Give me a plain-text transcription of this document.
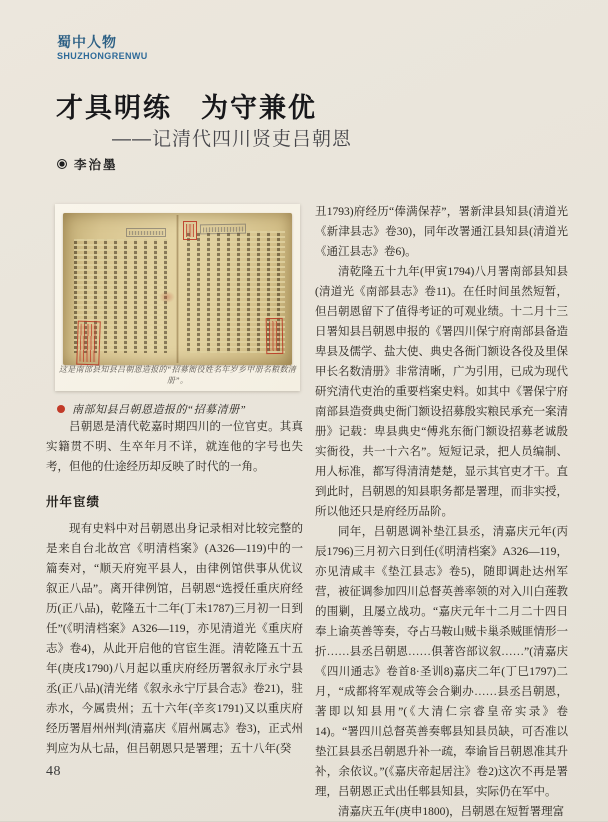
蜀中人物
SHUZHONGRENWU
才具明练　为守兼优
——记清代四川贤吏吕朝恩
李治墨
这是南部县知县吕朝恩造报的“招募衙役姓名年岁乡甲册名粮数清册”。
南部知县吕朝恩造报的“招募清册”

吕朝恩是清代乾嘉时期四川的一位官吏。其真实籍贯不明、生卒年月不详，就连他的字号也失考，但他的仕途经历却反映了时代的一角。

卅年宦绩

现有史料中对吕朝恩出身记录相对比较完整的是来自台北故宫《明清档案》(A326—119)中的一篇奏对，“顺天府宛平县人，由律例馆供事从优议叙正八品”。离开律例馆，吕朝恩“选授任重庆府经历(正八品)，乾隆五十二年(丁未1787)三月初一日到任”(《明清档案》A326—119，亦见清道光《重庆府志》卷4)，从此开启他的官宦生涯。清乾隆五十五年(庚戌1790)八月起以重庆府经历署叙永厅永宁县丞(正八品)(清光绪《叙永永宁厅县合志》卷21)，驻赤水，今属贵州；五十六年(辛亥1791)又以重庆府经历署眉州州判(清嘉庆《眉州属志》卷3)，正式州判应为从七品，但吕朝恩只是署理；五十八年(癸

丑1793)府经历“俸满保荐”，署新津县知县(清道光《新津县志》卷30)，同年改署通江县知县(清道光《通江县志》卷6)。

清乾隆五十九年(甲寅1794)八月署南部县知县(清道光《南部县志》卷11)。在任时间虽然短暂，但吕朝恩留下了值得考证的可观业绩。十二月十三日署知县吕朝恩申报的《署四川保宁府南部县备造卑县及儒学、盐大使、典史各衙门额设各役及里保甲长名数清册》非常清晰，广为引用，已成为现代研究清代吏治的重要档案史料。如其中《署保宁府南部县造赍典史衙门额设招募殷实粮民承充一案清册》记载：卑县典史“傅兆东衙门额设招募老诚殷实衙役，共一十六名”。短短记录，把人员编制、用人标准，都写得清清楚楚，显示其官吏才干。直到此时，吕朝恩的知县职务都是署理，而非实授，所以他还只是府经历品阶。

同年，吕朝恩调补垫江县丞，清嘉庆元年(丙辰1796)三月初六日到任(《明清档案》A326—119，亦见清咸丰《垫江县志》卷5)，随即调赴达州军营，被征调参加四川总督英善率领的对入川白莲教的围剿，且屡立战功。“嘉庆元年十二月二十四日奉上谕英善等奏，夺占马鞍山贼卡巢杀贼匪情形一折……县丞吕朝恩……俱著咨部议叙……”(清嘉庆《四川通志》卷首8·圣训8)嘉庆二年(丁巳1797)二月，“成都将军观成等会合剿办……县丞吕朝恩，著即以知县用”(《大清仁宗睿皇帝实录》卷14)。“署四川总督英善奏郫县知县员缺，可否准以垫江县县丞吕朝恩升补一疏，奉谕旨吕朝恩准其升补，余依议。”(《嘉庆帝起居注》卷2)这次不再是署理，吕朝恩正式出任郫县知县，实际仍在军中。

清嘉庆五年(庚申1800)，吕朝恩在短暂署理富

48
